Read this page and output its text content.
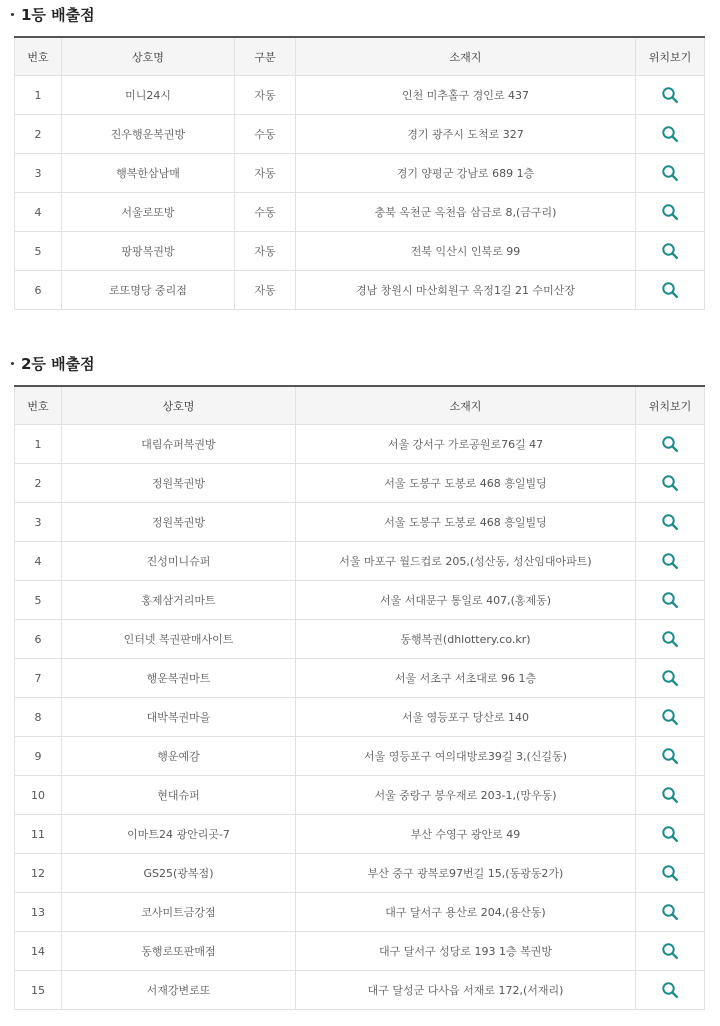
1등 배출점
번호	상호명	구분	소재지	위치보기
1	미니24시	자동	인천 미추홀구 경인로 437	
2	진우행운복권방	수동	경기 광주시 도척로 327	
3	행복한삼남매	자동	경기 양평군 강남로 689 1층	
4	서울로또방	수동	충북 옥천군 옥천읍 삼금로 8,(금구리)	
5	팡팡복권방	자동	전북 익산시 인북로 99	
6	로또명당 중리점	자동	경남 창원시 마산회원구 옥정1길 21 수미산장	
2등 배출점
번호	상호명	소재지	위치보기
1	대림슈퍼복권방	서울 강서구 가로공원로76길 47	
2	정원복권방	서울 도봉구 도봉로 468 흥일빌딩	
3	정원복권방	서울 도봉구 도봉로 468 흥일빌딩	
4	진성미니슈퍼	서울 마포구 월드컵로 205,(성산동, 성산임대아파트)	
5	홍제삼거리마트	서울 서대문구 통일로 407,(홍제동)	
6	인터넷 복권판매사이트	동행복권(dhlottery.co.kr)	
7	행운복권마트	서울 서초구 서초대로 96 1층	
8	대박복권마을	서울 영등포구 당산로 140	
9	행운예감	서울 영등포구 여의대방로39길 3,(신길동)	
10	현대슈퍼	서울 중랑구 봉우재로 203-1,(망우동)	
11	이마트24 광안리곳-7	부산 수영구 광안로 49	
12	GS25(광복점)	부산 중구 광복로97번길 15,(동광동2가)	
13	코사미트금강점	대구 달서구 용산로 204,(용산동)	
14	동행로또판매점	대구 달서구 성당로 193 1층 복권방	
15	서재강변로또	대구 달성군 다사읍 서재로 172,(서재리)	
